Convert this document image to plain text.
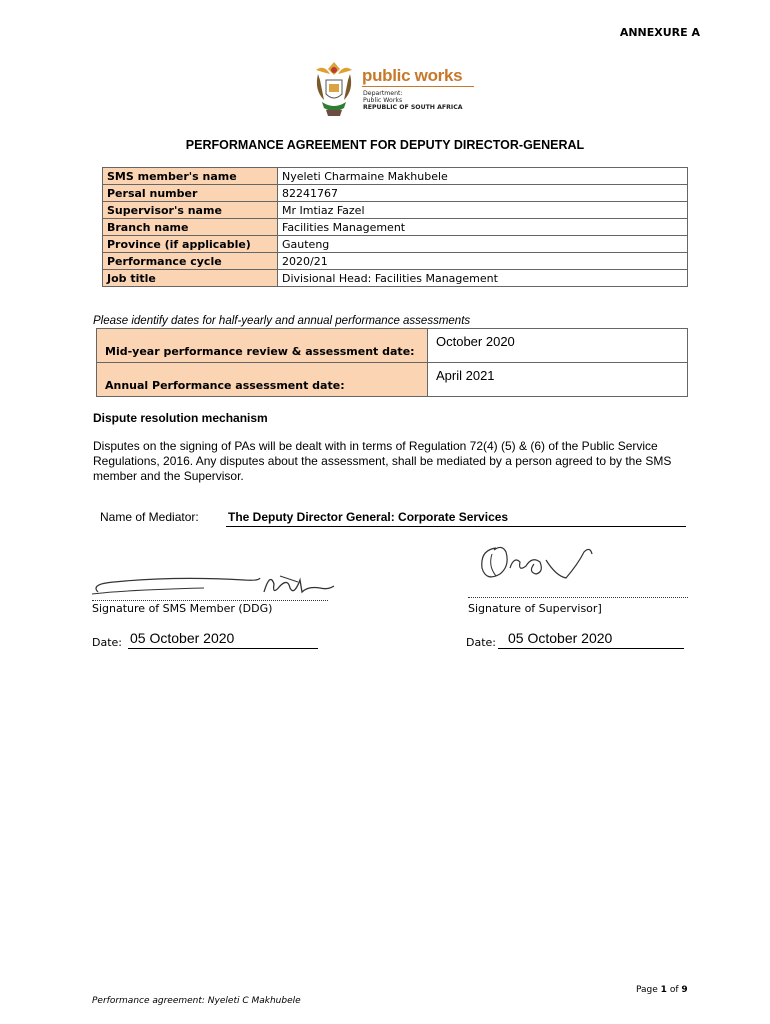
ANNEXURE A
public works
Department:
Public Works
REPUBLIC OF SOUTH AFRICA
PERFORMANCE AGREEMENT FOR DEPUTY DIRECTOR-GENERAL
SMS member's name	Nyeleti Charmaine Makhubele
Persal number	82241767
Supervisor's name	Mr Imtiaz Fazel
Branch name	Facilities Management
Province (if applicable)	Gauteng
Performance cycle	2020/21
Job title	Divisional Head: Facilities Management
Please identify dates for half-yearly and annual performance assessments
Mid-year performance review & assessment date:	October 2020
Annual Performance assessment date:	April 2021
Dispute resolution mechanism
Disputes on the signing of PAs will be dealt with in terms of Regulation 72(4) (5) & (6) of the Public Service Regulations, 2016. Any disputes about the assessment, shall be mediated by a person agreed to by the SMS member and the Supervisor.
Name of Mediator: The Deputy Director General: Corporate Services
Signature of SMS Member (DDG)	Signature of Supervisor]
Date: 05 October 2020	Date: 05 October 2020
Page 1 of 9
Performance agreement: Nyeleti C Makhubele
